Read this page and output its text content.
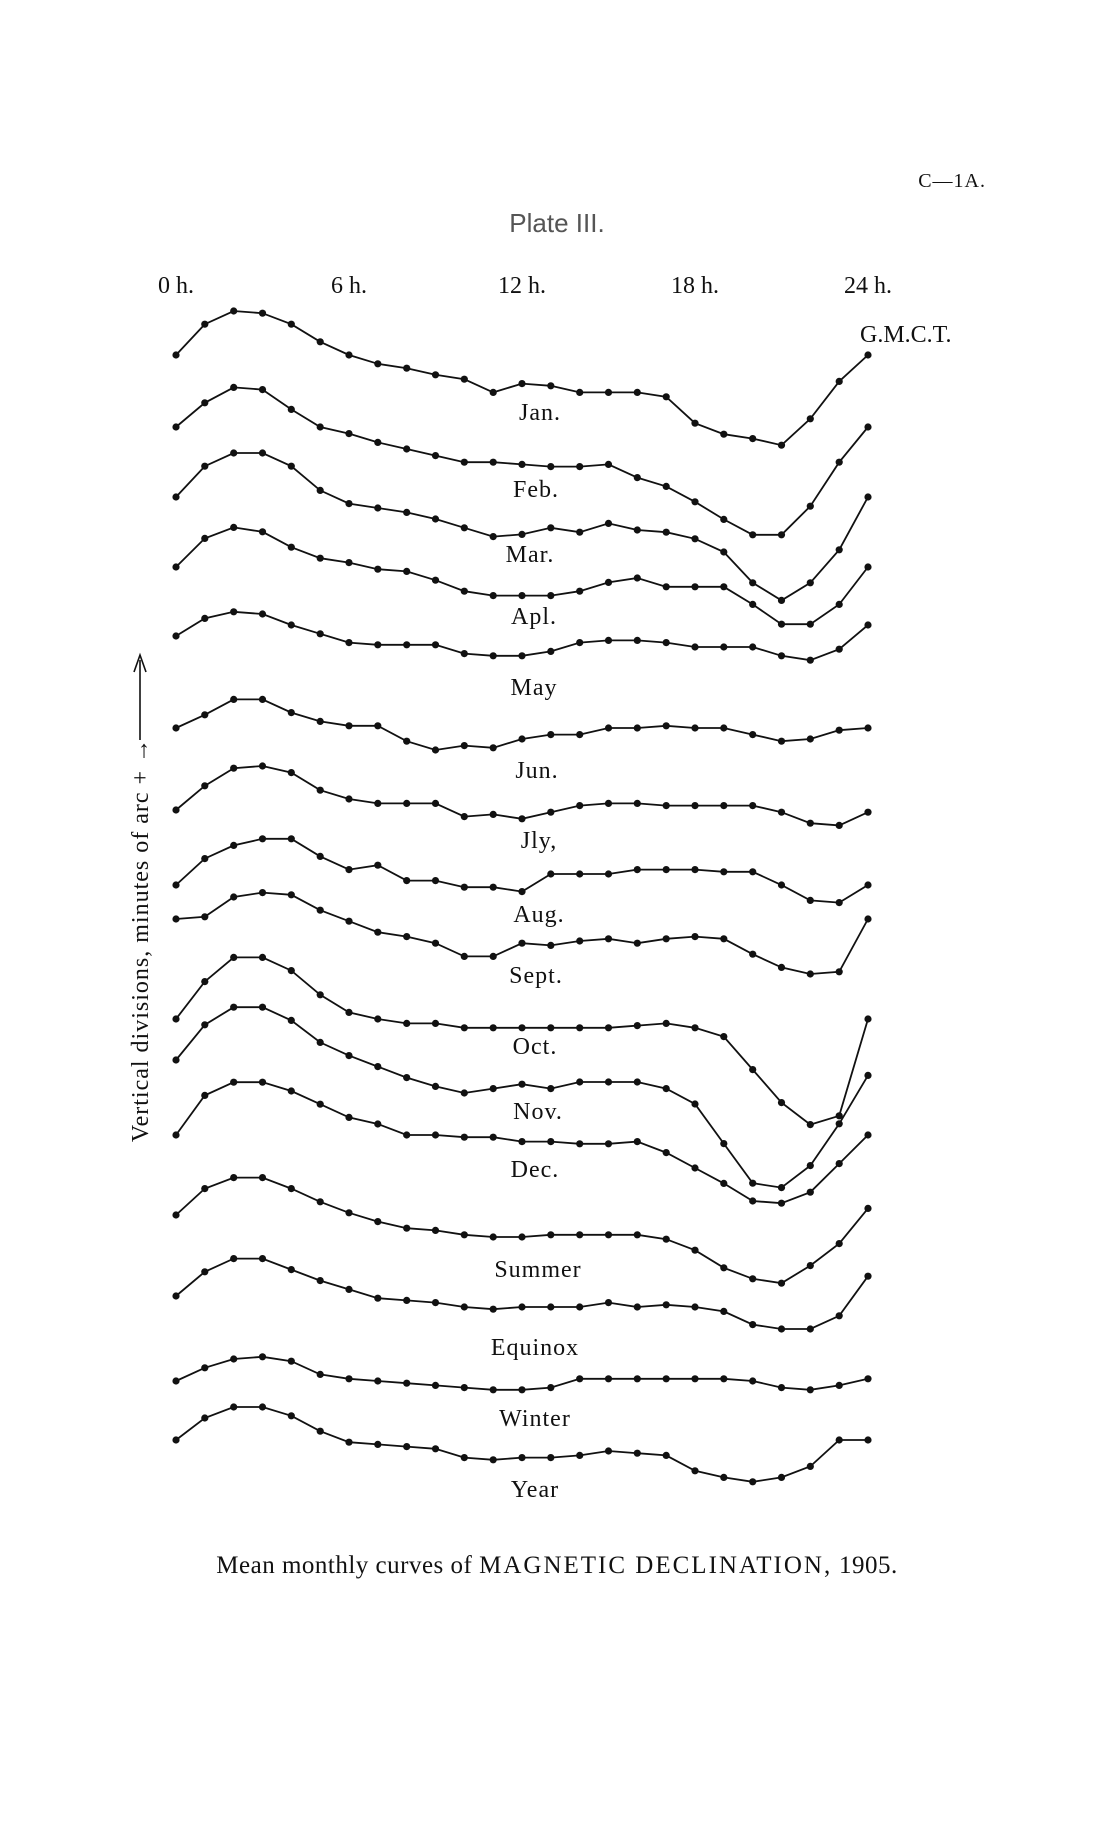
C—1A.
Plate III.
0 h.	6 h.	12 h.	18 h.	24 h.
G.M.C.T.
Vertical divisions, minutes of arc + →
Jan.
Feb.
Mar.
Apl.
May
Jun.
Jly,
Aug.
Sept.
Oct.
Nov.
Dec.
Summer
Equinox
Winter
Year
Mean monthly curves of MAGNETIC DECLINATION, 1905.
